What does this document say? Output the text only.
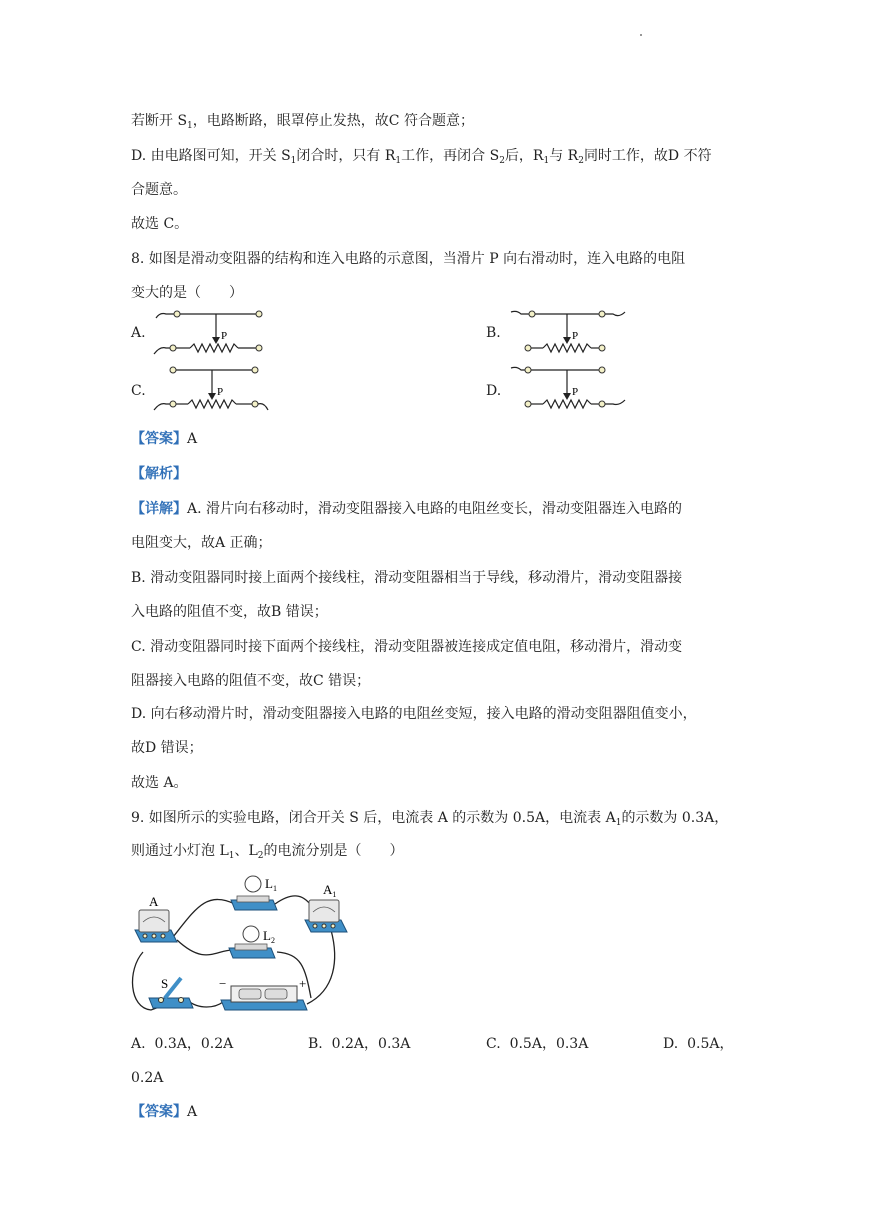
若断开 $S_1$，电路断路，眼罩停止发热，故C 符合题意；
D. 由电路图可知，开关 $S_1$闭合时，只有 $R_1$工作，再闭合 $S_2$后，$R_1$与 $R_2$同时工作，故D 不符
合题意。
故选 C。
8. 如图是滑动变阻器的结构和连入电路的示意图，当滑片 P 向右滑动时，连入电路的电阻
变大的是（　　）
A.	B.
C.	D.
P	P
P	P
【答案】A
【解析】
【详解】A. 滑片向右移动时，滑动变阻器接入电路的电阻丝变长，滑动变阻器连入电路的
电阻变大，故A 正确；
B. 滑动变阻器同时接上面两个接线柱，滑动变阻器相当于导线，移动滑片，滑动变阻器接
入电路的阻值不变，故B 错误；
C. 滑动变阻器同时接下面两个接线柱，滑动变阻器被连接成定值电阻，移动滑片，滑动变
阻器接入电路的阻值不变，故C 错误；
D. 向右移动滑片时，滑动变阻器接入电路的电阻丝变短，接入电路的滑动变阻器阻值变小，
故D 错误；
故选 A。
9. 如图所示的实验电路，闭合开关 S 后，电流表 A 的示数为 0.5A，电流表 $A_1$的示数为 0.3A，
则通过小灯泡 $L_1$、$L_2$的电流分别是（　　）
A
$L_1$
$L_2$
$A_1$
S	−	+
A. 0.3A，0.2A	B. 0.2A，0.3A	C. 0.5A，0.3A	D. 0.5A，
0.2A
【答案】A
